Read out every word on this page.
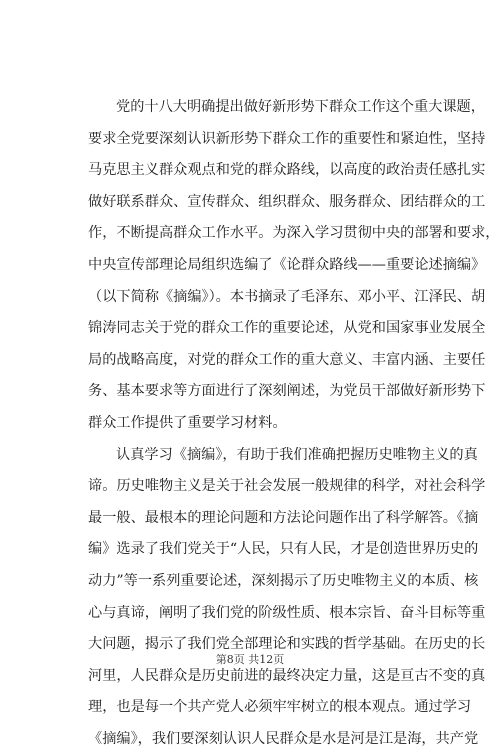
党的十八大明确提出做好新形势下群众工作这个重大课题，
要求全党要深刻认识新形势下群众工作的重要性和紧迫性，坚持
马克思主义群众观点和党的群众路线，以高度的政治责任感扎实
做好联系群众、宣传群众、组织群众、服务群众、团结群众的工
作，不断提高群众工作水平。为深入学习贯彻中央的部署和要求，
中央宣传部理论局组织选编了《论群众路线——重要论述摘编》
（以下简称《摘编》）。本书摘录了毛泽东、邓小平、江泽民、胡
锦涛同志关于党的群众工作的重要论述，从党和国家事业发展全
局的战略高度，对党的群众工作的重大意义、丰富内涵、主要任
务、基本要求等方面进行了深刻阐述，为党员干部做好新形势下
群众工作提供了重要学习材料。
认真学习《摘编》，有助于我们准确把握历史唯物主义的真
谛。历史唯物主义是关于社会发展一般规律的科学，对社会科学
最一般、最根本的理论问题和方法论问题作出了科学解答。《摘
编》选录了我们党关于“人民，只有人民，才是创造世界历史的
动力”等一系列重要论述，深刻揭示了历史唯物主义的本质、核
心与真谛，阐明了我们党的阶级性质、根本宗旨、奋斗目标等重
大问题，揭示了我们党全部理论和实践的哲学基础。在历史的长
河里，人民群众是历史前进的最终决定力量，这是亘古不变的真
理，也是每一个共产党人必须牢牢树立的根本观点。通过学习
《摘编》，我们要深刻认识人民群众是水是河是江是海，共产党
第8页 共12页
